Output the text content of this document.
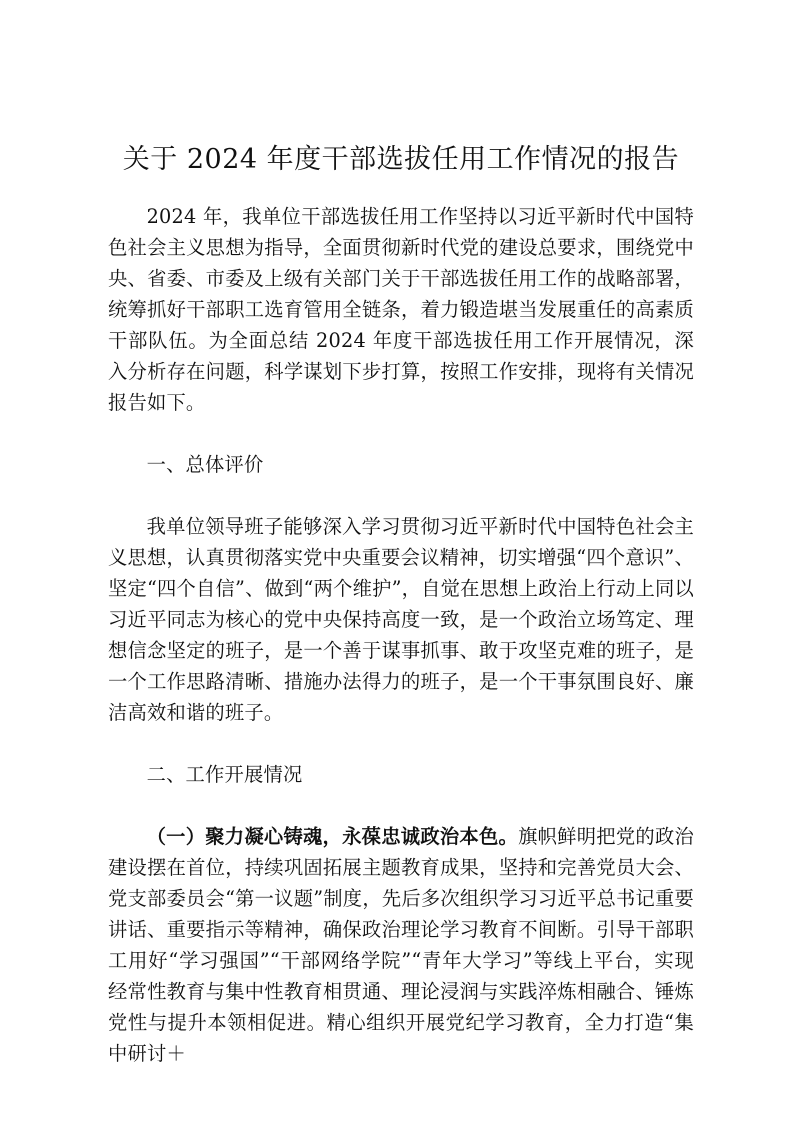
关于 2024 年度干部选拔任用工作情况的报告

2024 年，我单位干部选拔任用工作坚持以习近平新时代中国特色社会主义思想为指导，全面贯彻新时代党的建设总要求，围绕党中央、省委、市委及上级有关部门关于干部选拔任用工作的战略部署，统筹抓好干部职工选育管用全链条，着力锻造堪当发展重任的高素质干部队伍。为全面总结 2024 年度干部选拔任用工作开展情况，深入分析存在问题，科学谋划下步打算，按照工作安排，现将有关情况报告如下。

一、总体评价

我单位领导班子能够深入学习贯彻习近平新时代中国特色社会主义思想，认真贯彻落实党中央重要会议精神，切实增强“四个意识”、坚定“四个自信”、做到“两个维护”，自觉在思想上政治上行动上同以习近平同志为核心的党中央保持高度一致，是一个政治立场笃定、理想信念坚定的班子，是一个善于谋事抓事、敢于攻坚克难的班子，是一个工作思路清晰、措施办法得力的班子，是一个干事氛围良好、廉洁高效和谐的班子。

二、工作开展情况

（一）聚力凝心铸魂，永葆忠诚政治本色。旗帜鲜明把党的政治建设摆在首位，持续巩固拓展主题教育成果，坚持和完善党员大会、党支部委员会“第一议题”制度，先后多次组织学习习近平总书记重要讲话、重要指示等精神，确保政治理论学习教育不间断。引导干部职工用好“学习强国”“干部网络学院”“青年大学习”等线上平台，实现经常性教育与集中性教育相贯通、理论浸润与实践淬炼相融合、锤炼党性与提升本领相促进。精心组织开展党纪学习教育，全力打造“集中研讨＋
